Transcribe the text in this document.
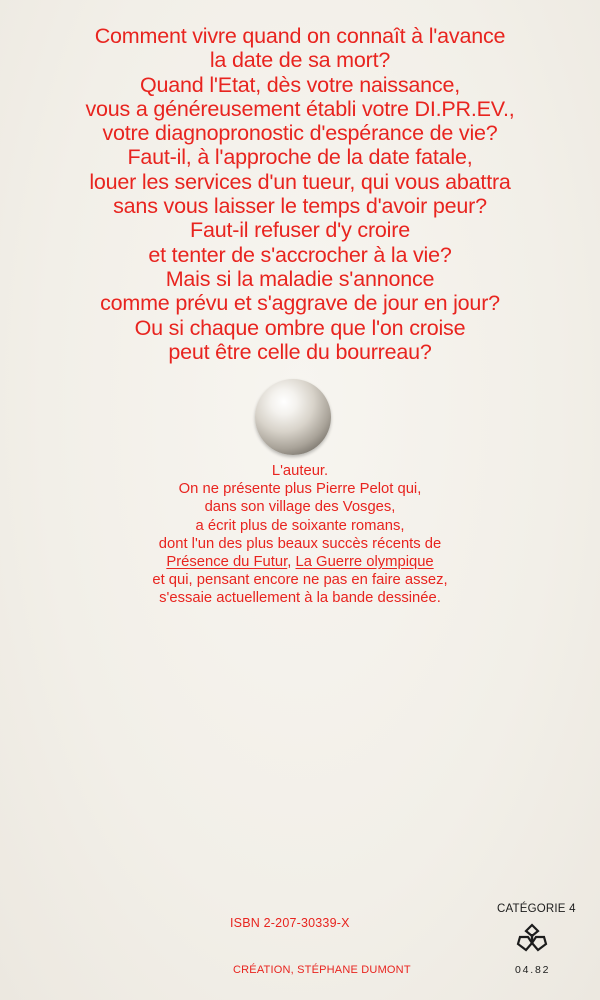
Comment vivre quand on connaît à l'avance
la date de sa mort?
Quand l'Etat, dès votre naissance,
vous a généreusement établi votre DI.PR.EV.,
votre diagnopronostic d'espérance de vie?
Faut-il, à l'approche de la date fatale,
louer les services d'un tueur, qui vous abattra
sans vous laisser le temps d'avoir peur?
Faut-il refuser d'y croire
et tenter de s'accrocher à la vie?
Mais si la maladie s'annonce
comme prévu et s'aggrave de jour en jour?
Ou si chaque ombre que l'on croise
peut être celle du bourreau?
L'auteur.
On ne présente plus Pierre Pelot qui,
dans son village des Vosges,
a écrit plus de soixante romans,
dont l'un des plus beaux succès récents de
Présence du Futur, La Guerre olympique
et qui, pensant encore ne pas en faire assez,
s'essaie actuellement à la bande dessinée.
ISBN 2-207-30339-X
CRÉATION, STÉPHANE DUMONT
CATÉGORIE 4
04.82
